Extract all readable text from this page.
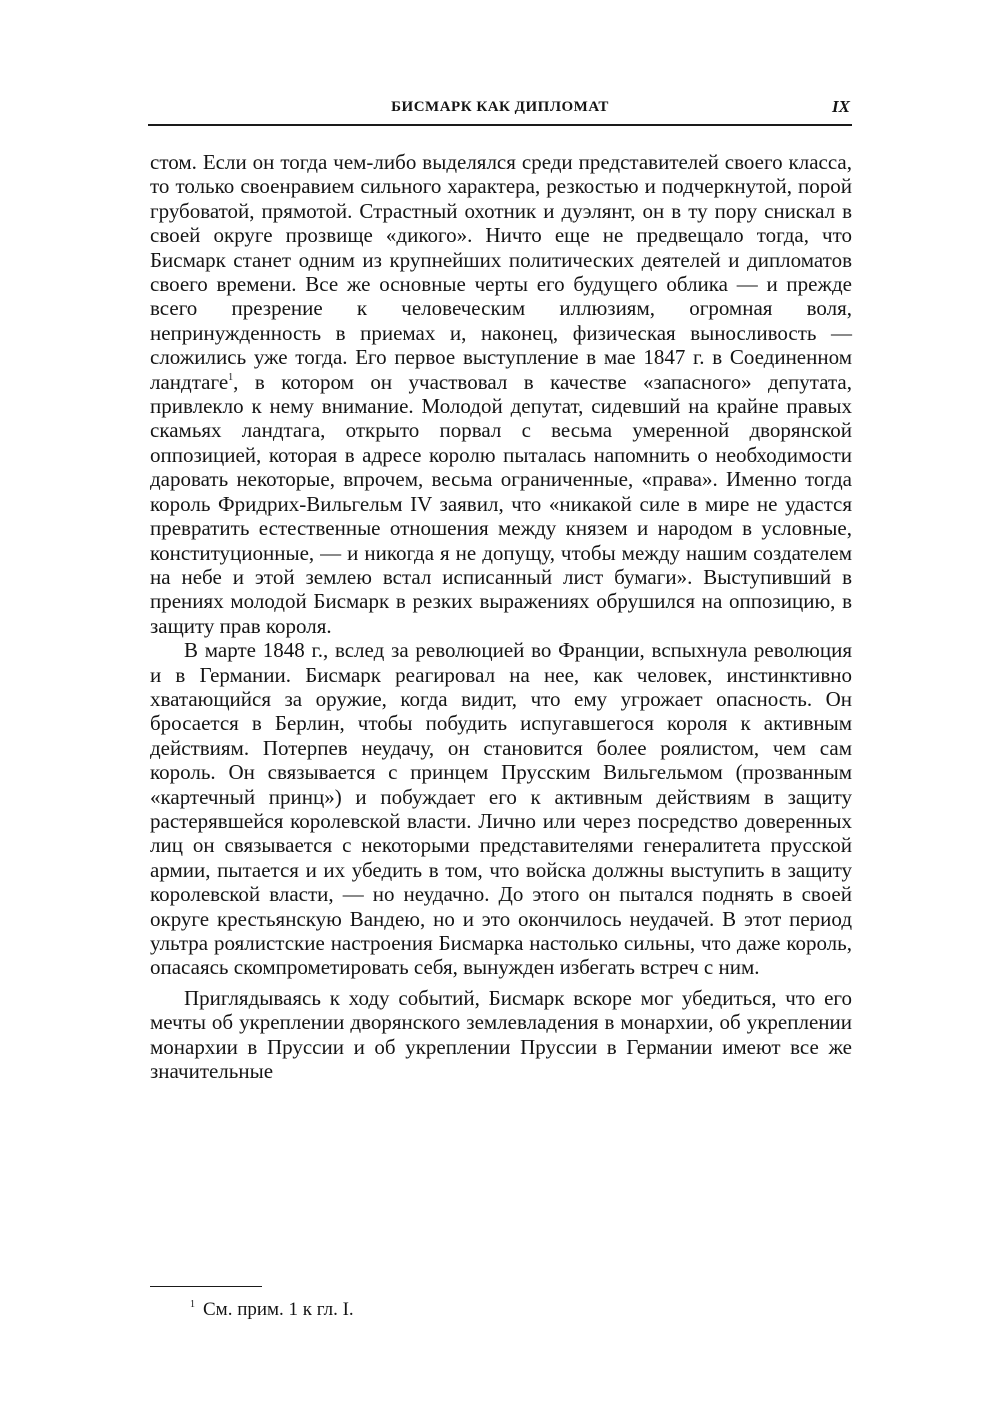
БИСМАРК КАК ДИПЛОМАТ	IX

стом. Если он тогда чем-либо выделялся среди представителей своего класса, то только своенравием сильного характера, резкостью и подчеркнутой, порой грубоватой, прямотой. Страстный охотник и дуэлянт, он в ту пору снискал в своей округе прозвище «дикого». Ничто еще не предвещало тогда, что Бисмарк станет одним из крупнейших политических деятелей и дипломатов своего времени. Все же основные черты его будущего облика — и прежде всего презрение к человеческим иллюзиям, огромная воля, непринужденность в приемах и, наконец, физическая выносливость — сложились уже тогда. Его первое выступление в мае 1847 г. в Соединенном ландтаге$^1$, в котором он участвовал в качестве «запасного» депутата, привлекло к нему внимание. Молодой депутат, сидевший на крайне правых скамьях ландтага, открыто порвал с весьма умеренной дворянской оппозицией, которая в адресе королю пыталась напомнить о необходимости даровать некоторые, впрочем, весьма ограниченные, «права». Именно тогда король Фридрих-Вильгельм IV заявил, что «никакой силе в мире не удастся превратить естественные отношения между князем и народом в условные, конституционные, — и никогда я не допущу, чтобы между нашим создателем на небе и этой землею встал исписанный лист бумаги». Выступивший в прениях молодой Бисмарк в резких выражениях обрушился на оппозицию, в защиту прав короля.

В марте 1848 г., вслед за революцией во Франции, вспыхнула революция и в Германии. Бисмарк реагировал на нее, как человек, инстинктивно хватающийся за оружие, когда видит, что ему угрожает опасность. Он бросается в Берлин, чтобы побудить испугавшегося короля к активным действиям. Потерпев неудачу, он становится более роялистом, чем сам король. Он связывается с принцем Прусским Вильгельмом (прозванным «картечный принц») и побуждает его к активным действиям в защиту растерявшейся королевской власти. Лично или через посредство доверенных лиц он связывается с некоторыми представителями генералитета прусской армии, пытается и их убедить в том, что войска должны выступить в защиту королевской власти, — но неудачно. До этого он пытался поднять в своей округе крестьянскую Вандею, но и это окончилось неудачей. В этот период ультра роялистские настроения Бисмарка настолько сильны, что даже король, опасаясь скомпрометировать себя, вынужден избегать встреч с ним.

Приглядываясь к ходу событий, Бисмарк вскоре мог убедиться, что его мечты об укреплении дворянского землевладения в монархии, об укреплении монархии в Пруссии и об укреплении Пруссии в Германии имеют все же значительные

$^1$ См. прим. 1 к гл. I.
